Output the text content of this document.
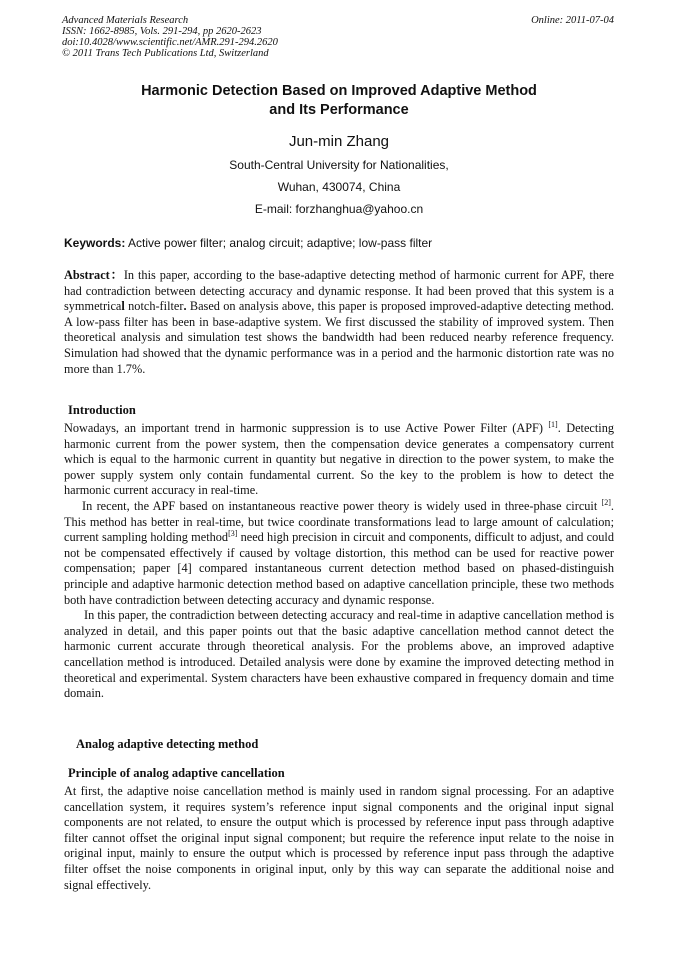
Advanced Materials Research
ISSN: 1662-8985, Vols. 291-294, pp 2620-2623
doi:10.4028/www.scientific.net/AMR.291-294.2620
© 2011 Trans Tech Publications Ltd, Switzerland
Online: 2011-07-04
Harmonic Detection Based on Improved Adaptive Method
and Its Performance
Jun-min Zhang
South-Central University for Nationalities,
Wuhan, 430074, China
E-mail: forzhanghua@yahoo.cn
Keywords: Active power filter; analog circuit; adaptive; low-pass filter

Abstract：In this paper, according to the base-adaptive detecting method of harmonic current for APF, there had contradiction between detecting accuracy and dynamic response. It had been proved that this system is a symmetrical notch-filter. Based on analysis above, this paper is proposed improved-adaptive detecting method. A low-pass filter has been in base-adaptive system. We first discussed the stability of improved system. Then theoretical analysis and simulation test shows the bandwidth had been reduced nearby reference frequency. Simulation had showed that the dynamic performance was in a period and the harmonic distortion rate was no more than 1.7%.

Introduction

Nowadays, an important trend in harmonic suppression is to use Active Power Filter (APF) [1]. Detecting harmonic current from the power system, then the compensation device generates a compensatory current which is equal to the harmonic current in quantity but negative in direction to the power system, to make the power supply system only contain fundamental current. So the key to the problem is how to detect the harmonic current accuracy in real-time.

In recent, the APF based on instantaneous reactive power theory is widely used in three-phase circuit [2]. This method has better in real-time, but twice coordinate transformations lead to large amount of calculation; current sampling holding method[3] need high precision in circuit and components, difficult to adjust, and could not be compensated effectively if caused by voltage distortion, this method can be used for reactive power compensation; paper [4] compared instantaneous current detection method based on phased-distinguish principle and adaptive harmonic detection method based on adaptive cancellation principle, these two methods both have contradiction between detecting accuracy and dynamic response.

In this paper, the contradiction between detecting accuracy and real-time in adaptive cancellation method is analyzed in detail, and this paper points out that the basic adaptive cancellation method cannot detect the harmonic current accurate through theoretical analysis. For the problems above, an improved adaptive cancellation method is introduced. Detailed analysis were done by examine the improved detecting method in theoretical and experimental. System characters have been exhaustive compared in frequency domain and time domain.

Analog adaptive detecting method
Principle of analog adaptive cancellation

At first, the adaptive noise cancellation method is mainly used in random signal processing. For an adaptive cancellation system, it requires system’s reference input signal components and the original input signal components are not related, to ensure the output which is processed by reference input pass through adaptive filter cannot offset the original input signal component; but require the reference input relate to the noise in original input, mainly to ensure the output which is processed by reference input pass through the adaptive filter offset the noise components in original input, only by this way can separate the additional noise and signal effectively.
